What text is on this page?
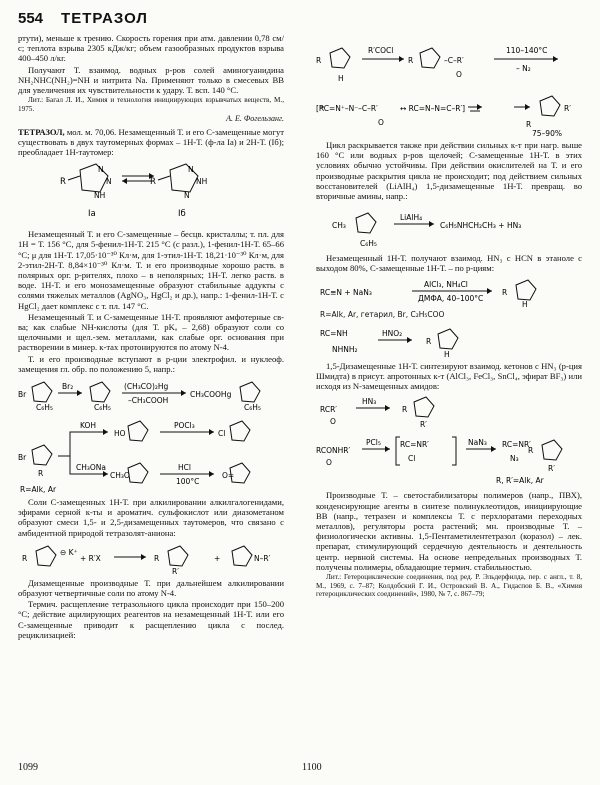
554 ТЕТРАЗОЛ

ртути), меньше к трению. Скорость горения при атм. давлении 0,78 см/с; теплота взрыва 2305 кДж/кг; объем газообразных продуктов взрыва 400–450 л/кг.

Получают Т. взаимод. водных р-ров солей аминогуанидина NH₂NHC(NH₂)=NH и нитрита Na. Применяют только в смесевых ВВ для увеличения их чувствительности к удару. Т. всп. 140 °С.

Лит.: Багал Л. И., Химия и технология инициирующих взрывчатых веществ, М., 1975.

А. Е. Фогельзанг.

ТЕТРАЗОЛ, мол. м. 70,06. Незамещенный Т. и его С-замещенные могут существовать в двух таутомерных формах – 1H-Т. (ф-ла Iа) и 2H-Т. (Iб); преобладает 1H-таутомер:

R	R
N
N
NH
N
NH
N
Iа	Iб

Незамещенный Т. и его С-замещенные – бесцв. кристаллы; т. пл. для 1H = Т. 156 °С, для 5-фенил-1H-Т. 215 °С (с разл.), 1-фенил-1H-Т. 65–66 °С; μ для 1H-Т. 17,05·10⁻³⁰ Кл·м, для 1-этил-1H-Т. 18,21·10⁻³⁰ Кл·м, для 2-этил-2H-Т. 8,84×10⁻³⁰ Кл·м. Т. и его производные хорошо раств. в полярных орг. р-рителях, плохо – в неполярных; 1H-Т. легко раств. в воде. 1H-Т. и его монозамещенные образуют стабильные аддукты с солями тяжелых металлов (AgNO₃, HgCl₂ и др.), напр.: 1-фенил-1H-Т. с HgCl₂ дает комплекс с т. пл. 147 °С.

Незамещенный Т. и С-замещенные 1H-Т. проявляют амфотерные св-ва; как слабые NH-кислоты (для Т. pKₐ – 2,68) образуют соли со щелочными и щел.-зем. металлами, как слабые орг. основания при растворении в минер. к-тах протонируются по атому N-4.

Т. и его производные вступают в р-ции электрофил. и нуклеоф. замещения гл. обр. по положению 5, напр.:

Br₂	(CH₃CO)₂Hg
–CH₃COOH
CH₃COOHg
Br
C₆H₅	C₆H₅	C₆H₅
Br
R
KOH
CH₃ONa
POCl₃
HCl
100°C
HO	Cl
CH₃O	O=
R=Alk, Ar

Соли С-замещенных 1H-Т. при алкилировании алкилгалогенидами, эфирами серной к-ты и ароматич. сульфокислот или диазометаном образуют смеси 1,5- и 2,5-дизамещенных таутомеров, что связано с амбидентной природой тетразолят-аниона:

R
⊖ K⁺
+ R′X	R
R′
+	N–R′

Дизамещенные производные Т. при дальнейшем алкилировании образуют четвертичные соли по атому N-4.

Термич. расщепление тетразольного цикла происходит при 150–200 °С; действие ацилирующих реагентов на незамещенный 1H-Т. или его С-замещенные приводит к расщеплению цикла с послед. рециклизацией:

R
H
R′COCl
R	–C–R′
O
110–140°C
– N₂
[RC=N⁺–N⁻–C–R′
O
↔ RC=N–N=C–R′]
R
R′
75–90%

Цикл раскрывается также при действии сильных к-т при нагр. выше 160 °С или водных р-ров щелочей; С-замещенные 1H-Т. в этих условиях обычно устойчивы. При действии окислителей на Т. и его производные раскрытия цикла не происходит; под действием сильных восстановителей (LiAlH₄) 1,5-дизамещенные 1H-Т. превращ. во вторичные амины, напр.:

CH₃
C₆H₅
LiAlH₄
C₆H₅NHCH₂CH₃ + HN₃

Незамещенный 1H-Т. получают взаимод. HN₃ с HCN в этаноле с выходом 80%, С-замещенные 1H-Т. – по р-циям:

RC≡N + NaN₃
AlCl₃, NH₄Cl
ДМФА, 40–100°C
R
H

R=Alk, Ar, гетарил, Br, C₂H₅COO

RC=NH
NHNH₂
HNO₂
R
H

1,5-Дизамещенные 1H-Т. синтезируют взаимод. кетонов с HN₃ (р-ция Шмидта) в присут. апротонных к-т (AlCl₃, FeCl₃, SnCl₄, эфират BF₃) или исходя из N-замещенных амидов:

RCR′
O
HN₃
R
R′
RCONHR′
O
PCl₅	RC=NR′
Cl
NaN₃ RC=NR′
N₃
R
R′
R, R′=Alk, Ar

Производные Т. – светостабилизаторы полимеров (напр., ПВХ), конденсирующие агенты в синтезе полинуклеотидов, инициирующие ВВ (напр., тетразен и комплексы Т. с перхлоратами переходных металлов), регуляторы роста растений; мн. производные Т. – физиологически активны. 1,5-Пентаметилентетразол (коразол) – лек. препарат, стимулирующий сердечную деятельность и деятельность центр. нервной системы. На основе непредельных производных Т. получены полимеры, обладающие термич. стабильностью.

Лит.: Гетероциклические соединения, под ред. Р. Эльдерфилда, пер. с англ., т. 8, М., 1969, с. 7–87; Колдобский Г. И., Островский В. А., Гидаспов Б. В., «Химия гетероциклических соединений», 1980, № 7, с. 867–79;

1099	1100
